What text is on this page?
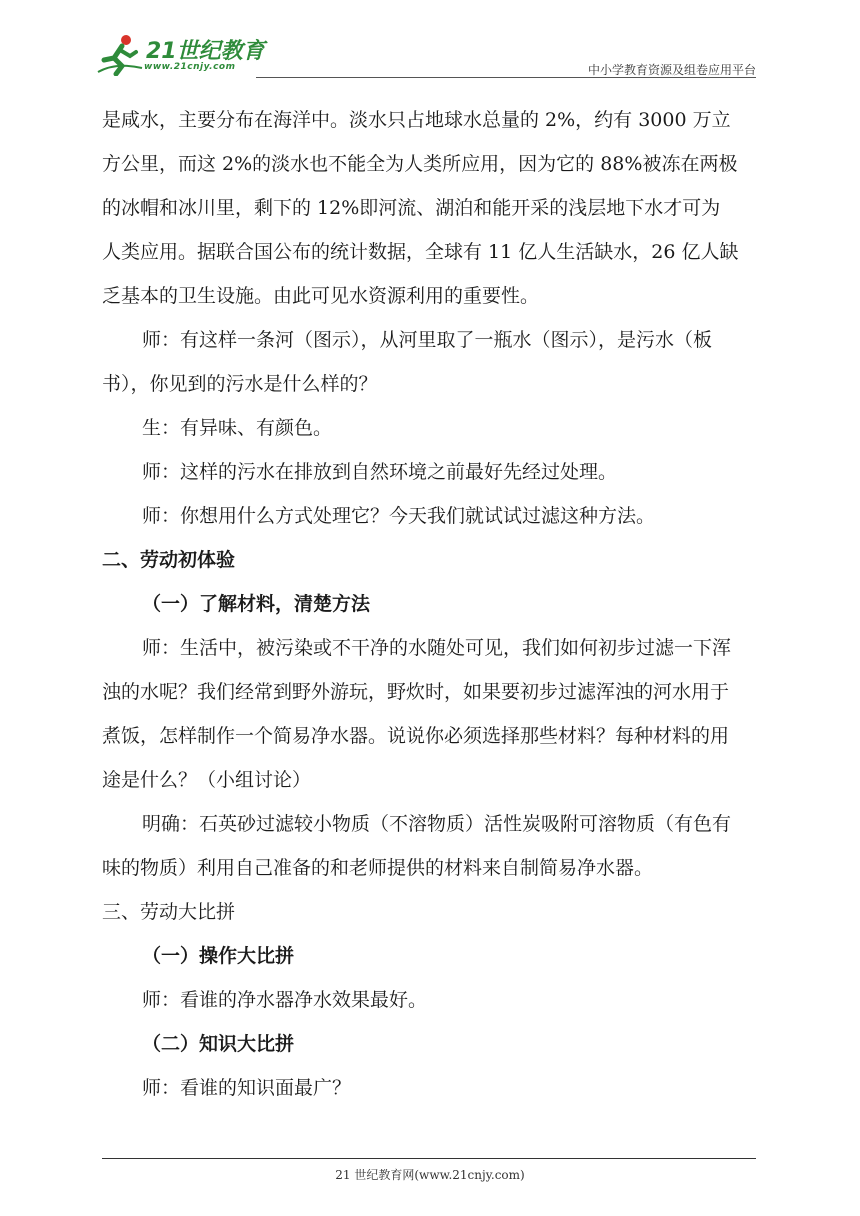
21世纪教育
www.21cnjy.com	中小学教育资源及组卷应用平台
是咸水，主要分布在海洋中。淡水只占地球水总量的 2%，约有 3000 万立
方公里，而这 2%的淡水也不能全为人类所应用，因为它的 88%被冻在两极
的冰帽和冰川里，剩下的 12%即河流、湖泊和能开采的浅层地下水才可为
人类应用。据联合国公布的统计数据，全球有 11 亿人生活缺水，26 亿人缺
乏基本的卫生设施。由此可见水资源利用的重要性。
师：有这样一条河（图示），从河里取了一瓶水（图示），是污水（板
书），你见到的污水是什么样的？
生：有异味、有颜色。
师：这样的污水在排放到自然环境之前最好先经过处理。
师：你想用什么方式处理它？今天我们就试试过滤这种方法。
二、劳动初体验
（一）了解材料，清楚方法
师：生活中，被污染或不干净的水随处可见，我们如何初步过滤一下浑
浊的水呢？我们经常到野外游玩，野炊时，如果要初步过滤浑浊的河水用于
煮饭，怎样制作一个简易净水器。说说你必须选择那些材料？每种材料的用
途是什么？（小组讨论）
明确：石英砂过滤较小物质（不溶物质）活性炭吸附可溶物质（有色有
味的物质）利用自己准备的和老师提供的材料来自制简易净水器。
三、劳动大比拼
（一）操作大比拼
师：看谁的净水器净水效果最好。
（二）知识大比拼
师：看谁的知识面最广？
21 世纪教育网(www.21cnjy.com)
